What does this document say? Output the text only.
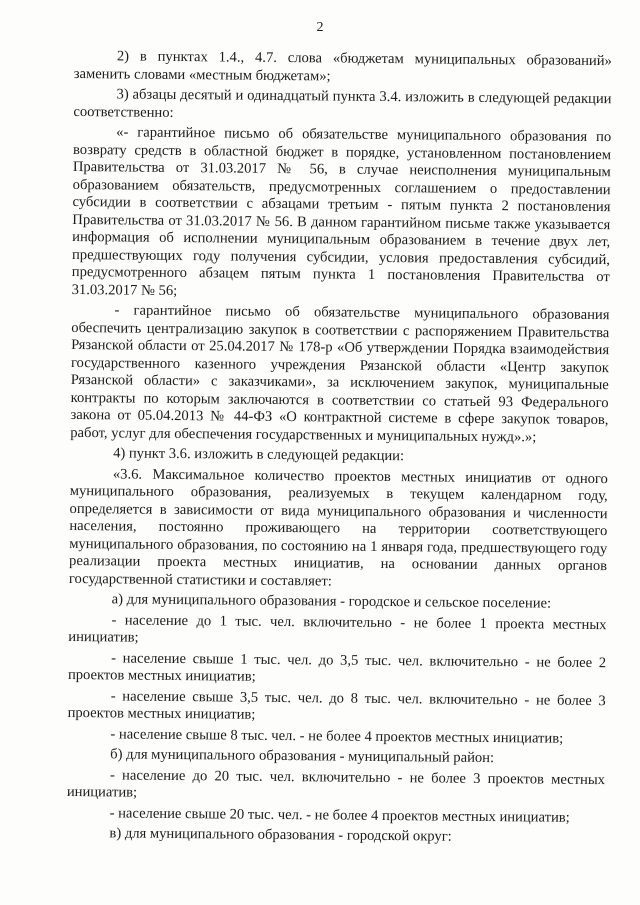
2

2) в пунктах 1.4., 4.7. слова «бюджетам муниципальных образований» заменить словами «местным бюджетам»;

3) абзацы десятый и одинадцатый пункта 3.4. изложить в следующей редакции соответственно:

«- гарантийное письмо об обязательстве муниципального образования по возврату средств в областной бюджет в порядке, установленном постановлением Правительства от 31.03.2017 № 56, в случае неисполнения муниципальным образованием обязательств, предусмотренных соглашением о предоставлении субсидии в соответствии с абзацами третьим - пятым пункта 2 постановления Правительства от 31.03.2017 № 56. В данном гарантийном письме также указывается информация об исполнении муниципальным образованием в течение двух лет, предшествующих году получения субсидии, условия предоставления субсидий, предусмотренного абзацем пятым пункта 1 постановления Правительства от 31.03.2017 № 56;

- гарантийное письмо об обязательстве муниципального образования обеспечить централизацию закупок в соответствии с распоряжением Правительства Рязанской области от 25.04.2017 № 178-р «Об утверждении Порядка взаимодействия государственного казенного учреждения Рязанской области «Центр закупок Рязанской области» с заказчиками», за исключением закупок, муниципальные контракты по которым заключаются в соответствии со статьей 93 Федерального закона от 05.04.2013 № 44-ФЗ «О контрактной системе в сфере закупок товаров, работ, услуг для обеспечения государственных и муниципальных нужд».»;

4) пункт 3.6. изложить в следующей редакции:

«3.6. Максимальное количество проектов местных инициатив от одного муниципального образования, реализуемых в текущем календарном году, определяется в зависимости от вида муниципального образования и численности населения, постоянно проживающего на территории соответствующего муниципального образования, по состоянию на 1 января года, предшествующего году реализации проекта местных инициатив, на основании данных органов государственной статистики и составляет:

а) для муниципального образования - городское и сельское поселение:

- население до 1 тыс. чел. включительно - не более 1 проекта местных инициатив;

- население свыше 1 тыс. чел. до 3,5 тыс. чел. включительно - не более 2 проектов местных инициатив;

- население свыше 3,5 тыс. чел. до 8 тыс. чел. включительно - не более 3 проектов местных инициатив;

- население свыше 8 тыс. чел. - не более 4 проектов местных инициатив;

б) для муниципального образования - муниципальный район:

- население до 20 тыс. чел. включительно - не более 3 проектов местных инициатив;

- население свыше 20 тыс. чел. - не более 4 проектов местных инициатив;

в) для муниципального образования - городской округ:
